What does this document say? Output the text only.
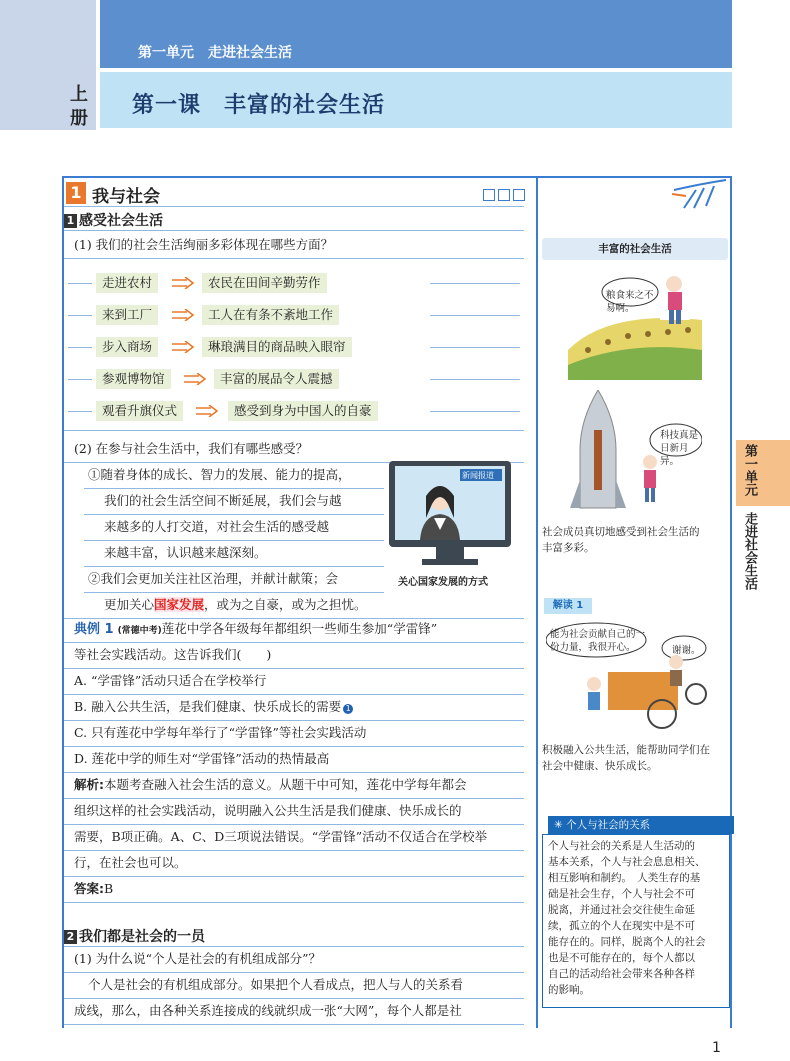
上
册
第一单元　走进社会生活
第一课　丰富的社会生活
1 我与社会
1 感受社会生活
(1) 我们的社会生活绚丽多彩体现在哪些方面？
走进农村	农民在田间辛勤劳作
来到工厂	工人在有条不紊地工作
步入商场	琳琅满目的商品映入眼帘
参观博物馆	丰富的展品令人震撼
观看升旗仪式	感受到身为中国人的自豪
(2) 在参与社会生活中，我们有哪些感受？
①随着身体的成长、智力的发展、能力的提高，
我们的社会生活空间不断延展，我们会与越
来越多的人打交道，对社会生活的感受越
来越丰富，认识越来越深刻。
②我们会更加关注社区治理，并献计献策；会
更加关心国家发展，或为之自豪，或为之担忧。
新闻报道
关心国家发展的方式
典例 1 (常德中考)莲花中学各年级每年都组织一些师生参加“学雷锋”
等社会实践活动。这告诉我们(　　)
A. “学雷锋”活动只适合在学校举行
B. 融入公共生活，是我们健康、快乐成长的需要 1
C. 只有莲花中学每年举行了“学雷锋”等社会实践活动
D. 莲花中学的师生对“学雷锋”活动的热情最高
解析:本题考查融入社会生活的意义。从题干中可知，莲花中学每年都会
组织这样的社会实践活动，说明融入公共生活是我们健康、快乐成长的
需要，B项正确。A、C、D三项说法错误。“学雷锋”活动不仅适合在学校举
行，在社会也可以。
答案:B
2 我们都是社会的一员
(1) 为什么说“个人是社会的有机组成部分”？
个人是社会的有机组成部分。如果把个人看成点，把人与人的关系看
成线，那么，由各种关系连接成的线就织成一张“大网”，每个人都是社
丰富的社会生活
粮食来之不易啊。
科技真是日新月异。
社会成员真切地感受到社会生活的
丰富多彩。
解读 1
能为社会贡献自己的一份力量，我很开心。	谢谢。
积极融入公共生活，能帮助同学们在
社会中健康、快乐成长。
✳ 个人与社会的关系
个人与社会的关系是人生活动的
基本关系，个人与社会息息相关、
相互影响和制约。　人类生存的基
础是社会生存，个人与社会不可
脱离，并通过社会交往使生命延
续，孤立的个人在现实中是不可
能存在的。同样，脱离个人的社会
也是不可能存在的，每个人都以
自己的活动给社会带来各种各样
的影响。
第一单元
走进社会生活
1
